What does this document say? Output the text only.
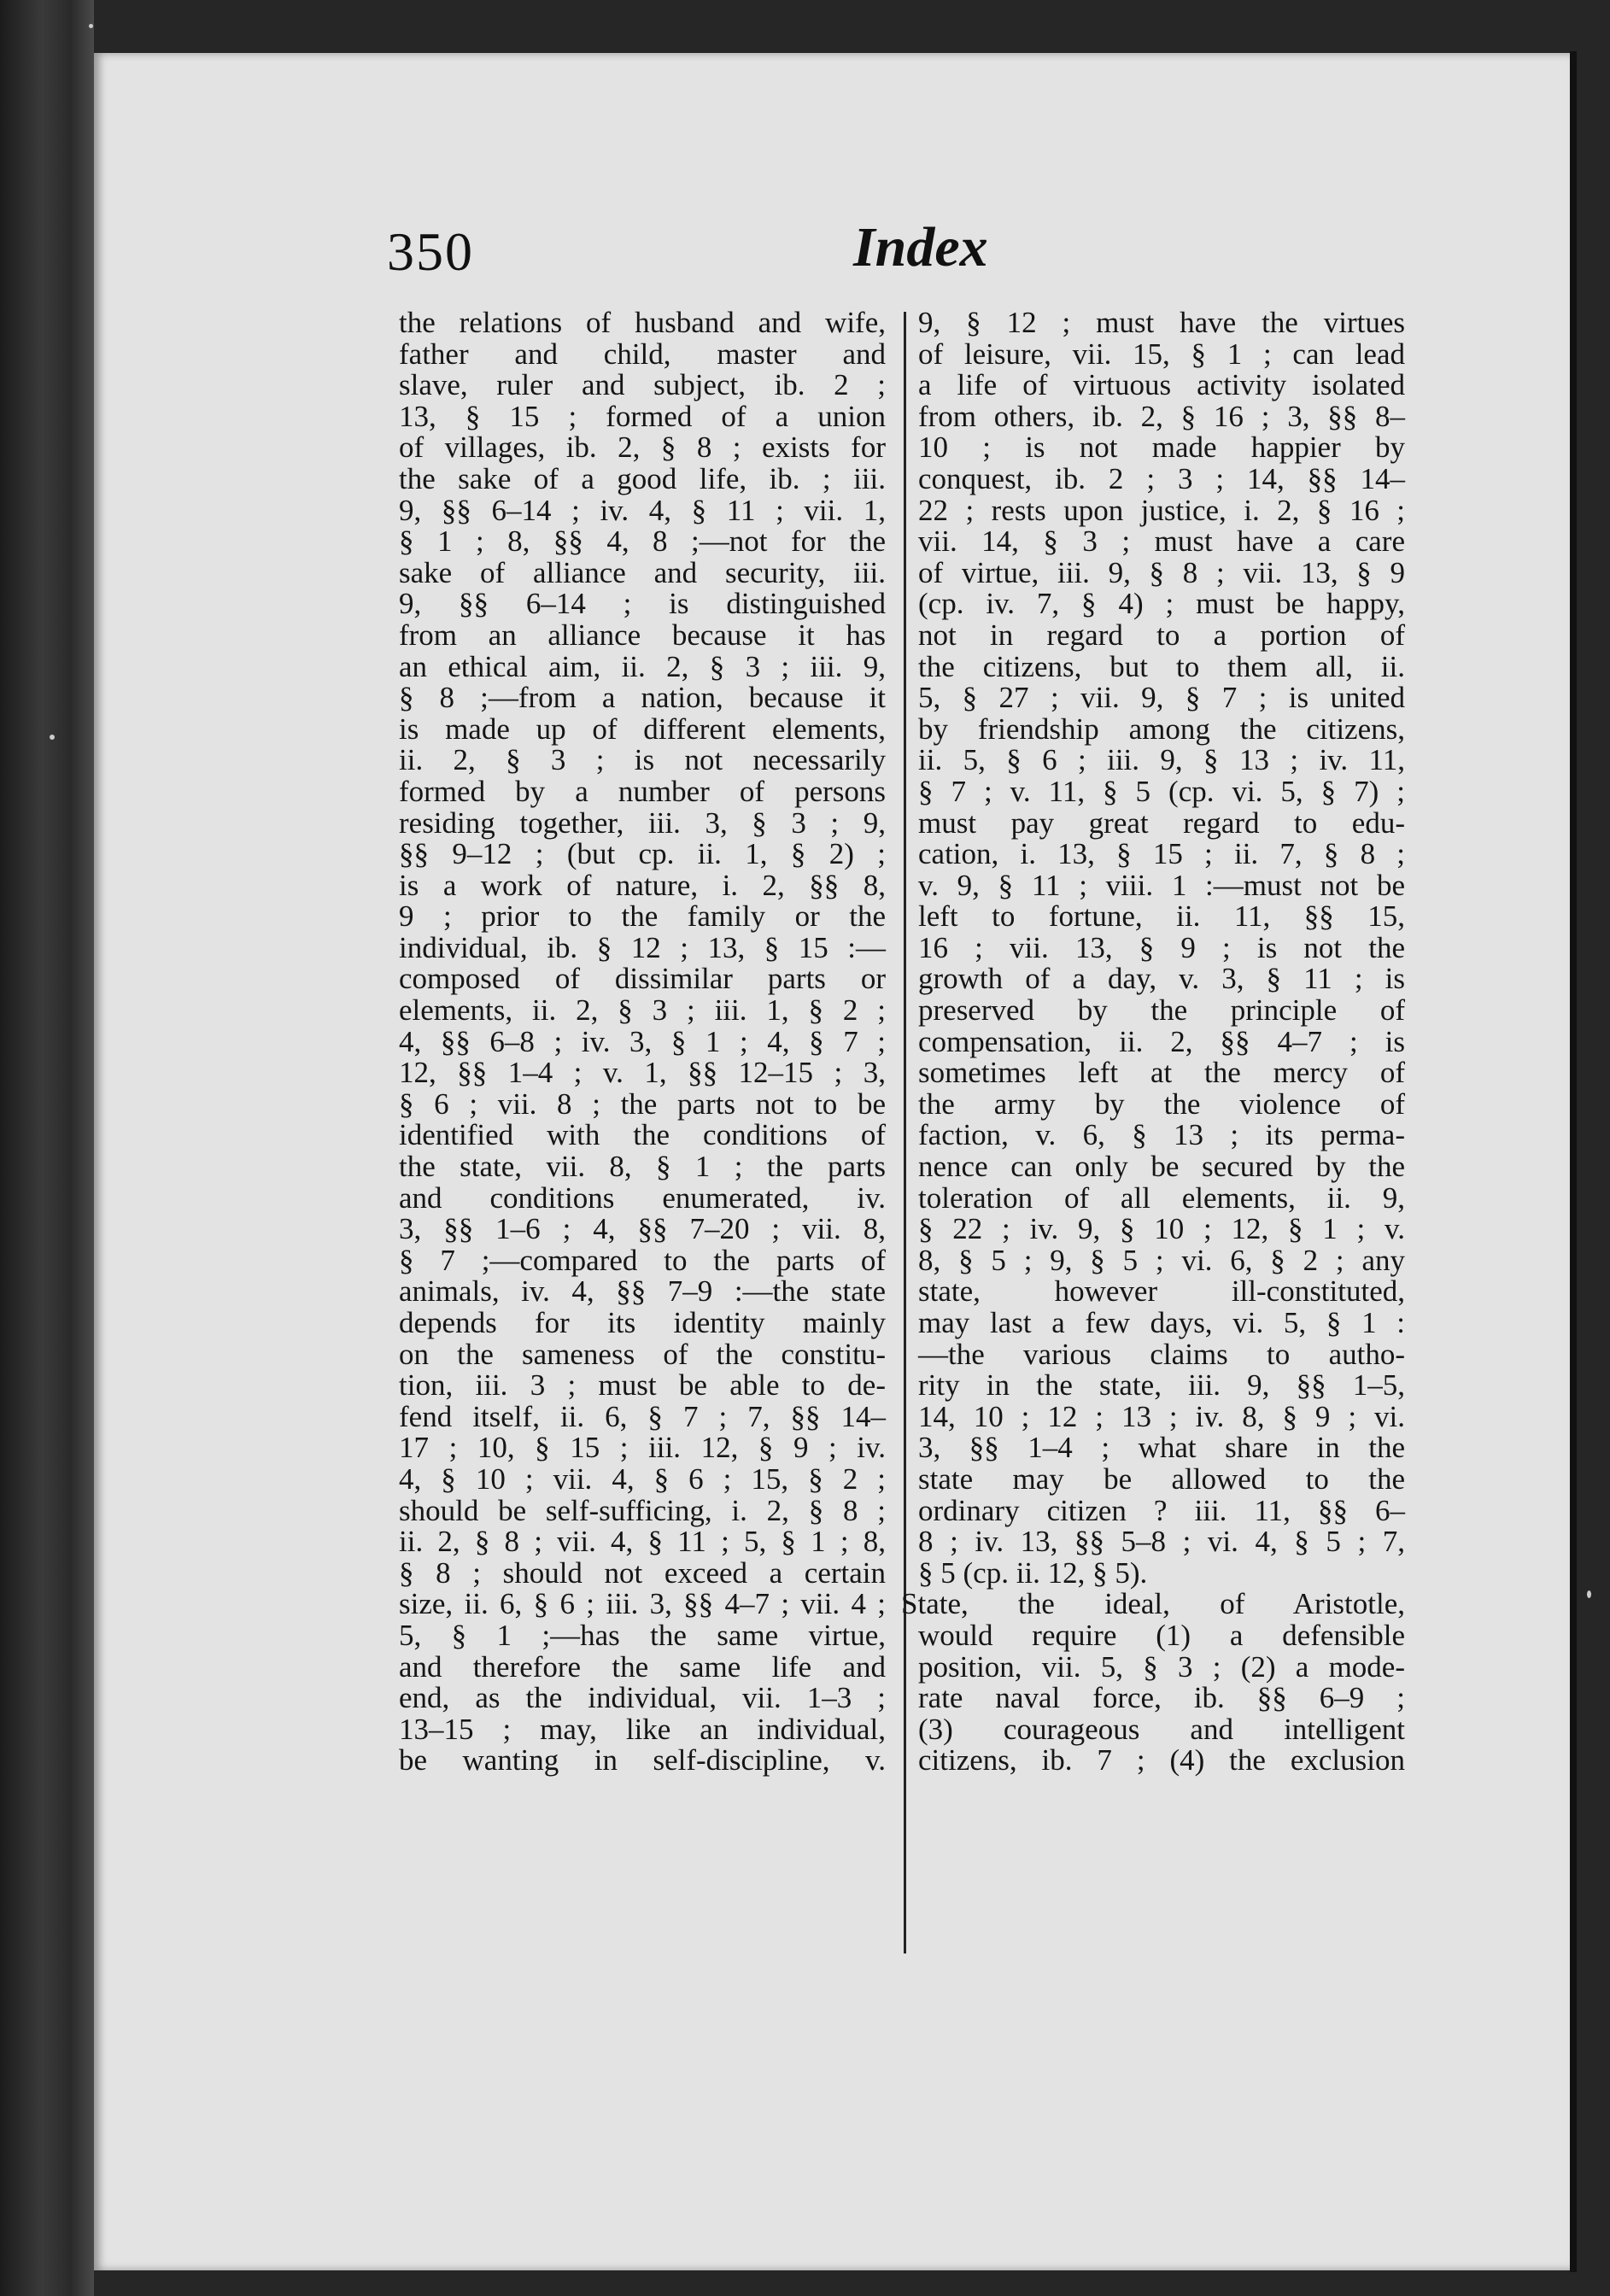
350	Index
the relations of husband and wife,
father and child, master and
slave, ruler and subject, ib. 2 ;
13, § 15 ; formed of a union
of villages, ib. 2, § 8 ; exists for
the sake of a good life, ib. ; iii.
9, §§ 6–14 ; iv. 4, § 11 ; vii. 1,
§ 1 ; 8, §§ 4, 8 ;—not for the
sake of alliance and security, iii.
9, §§ 6–14 ; is distinguished
from an alliance because it has
an ethical aim, ii. 2, § 3 ; iii. 9,
§ 8 ;—from a nation, because it
is made up of different elements,
ii. 2, § 3 ; is not necessarily
formed by a number of persons
residing together, iii. 3, § 3 ; 9,
§§ 9–12 ; (but cp. ii. 1, § 2) ;
is a work of nature, i. 2, §§ 8,
9 ; prior to the family or the
individual, ib. § 12 ; 13, § 15 :—
composed of dissimilar parts or
elements, ii. 2, § 3 ; iii. 1, § 2 ;
4, §§ 6–8 ; iv. 3, § 1 ; 4, § 7 ;
12, §§ 1–4 ; v. 1, §§ 12–15 ; 3,
§ 6 ; vii. 8 ; the parts not to be
identified with the conditions of
the state, vii. 8, § 1 ; the parts
and conditions enumerated, iv.
3, §§ 1–6 ; 4, §§ 7–20 ; vii. 8,
§ 7 ;—compared to the parts of
animals, iv. 4, §§ 7–9 :—the state
depends for its identity mainly
on the sameness of the constitu-
tion, iii. 3 ; must be able to de-
fend itself, ii. 6, § 7 ; 7, §§ 14–
17 ; 10, § 15 ; iii. 12, § 9 ; iv.
4, § 10 ; vii. 4, § 6 ; 15, § 2 ;
should be self-sufficing, i. 2, § 8 ;
ii. 2, § 8 ; vii. 4, § 11 ; 5, § 1 ; 8,
§ 8 ; should not exceed a certain
size, ii. 6, § 6 ; iii. 3, §§ 4–7 ; vii. 4 ;
5, § 1 ;—has the same virtue,
and therefore the same life and
end, as the individual, vii. 1–3 ;
13–15 ; may, like an individual,
be wanting in self-discipline, v.
9, § 12 ; must have the virtues
of leisure, vii. 15, § 1 ; can lead
a life of virtuous activity isolated
from others, ib. 2, § 16 ; 3, §§ 8–
10 ; is not made happier by
conquest, ib. 2 ; 3 ; 14, §§ 14–
22 ; rests upon justice, i. 2, § 16 ;
vii. 14, § 3 ; must have a care
of virtue, iii. 9, § 8 ; vii. 13, § 9
(cp. iv. 7, § 4) ; must be happy,
not in regard to a portion of
the citizens, but to them all, ii.
5, § 27 ; vii. 9, § 7 ; is united
by friendship among the citizens,
ii. 5, § 6 ; iii. 9, § 13 ; iv. 11,
§ 7 ; v. 11, § 5 (cp. vi. 5, § 7) ;
must pay great regard to edu-
cation, i. 13, § 15 ; ii. 7, § 8 ;
v. 9, § 11 ; viii. 1 :—must not be
left to fortune, ii. 11, §§ 15,
16 ; vii. 13, § 9 ; is not the
growth of a day, v. 3, § 11 ; is
preserved by the principle of
compensation, ii. 2, §§ 4–7 ; is
sometimes left at the mercy of
the army by the violence of
faction, v. 6, § 13 ; its perma-
nence can only be secured by the
toleration of all elements, ii. 9,
§ 22 ; iv. 9, § 10 ; 12, § 1 ; v.
8, § 5 ; 9, § 5 ; vi. 6, § 2 ; any
state, however ill-constituted,
may last a few days, vi. 5, § 1 :
—the various claims to autho-
rity in the state, iii. 9, §§ 1–5,
14, 10 ; 12 ; 13 ; iv. 8, § 9 ; vi.
3, §§ 1–4 ; what share in the
state may be allowed to the
ordinary citizen ? iii. 11, §§ 6–
8 ; iv. 13, §§ 5–8 ; vi. 4, § 5 ; 7,
§ 5 (cp. ii. 12, § 5).
State, the ideal, of Aristotle,
would require (1) a defensible
position, vii. 5, § 3 ; (2) a mode-
rate naval force, ib. §§ 6–9 ;
(3) courageous and intelligent
citizens, ib. 7 ; (4) the exclusion
